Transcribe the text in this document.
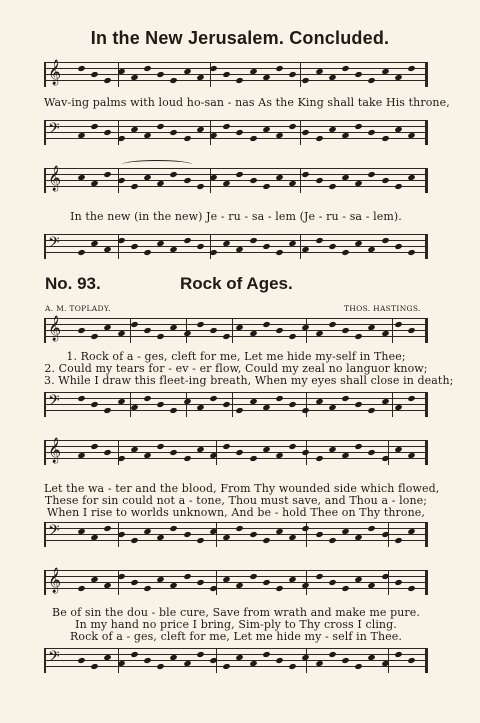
In the New Jerusalem. Concluded.
𝄞
Wav-ing palms with loud ho-san - nas As the King shall take His throne,
𝄢
𝄞
In the new (in the new) Je - ru - sa - lem (Je - ru - sa - lem).
𝄢
No. 93.	Rock of Ages.
A. M. TOPLADY.	THOS. HASTINGS.
𝄞
1. Rock of a - ges, cleft for me, Let me hide my-self in Thee;
2. Could my tears for - ev - er flow, Could my zeal no languor know;
3. While I draw this fleet-ing breath, When my eyes shall close in death;
𝄢
𝄞
Let the wa - ter and the blood, From Thy wounded side which flowed,
These for sin could not a - tone, Thou must save, and Thou a - lone;
When I rise to worlds unknown, And be - hold Thee on Thy throne,
𝄢
𝄞
Be of sin the dou - ble cure, Save from wrath and make me pure.
In my hand no price I bring, Sim-ply to Thy cross I cling.
Rock of a - ges, cleft for me, Let me hide my - self in Thee.
𝄢
